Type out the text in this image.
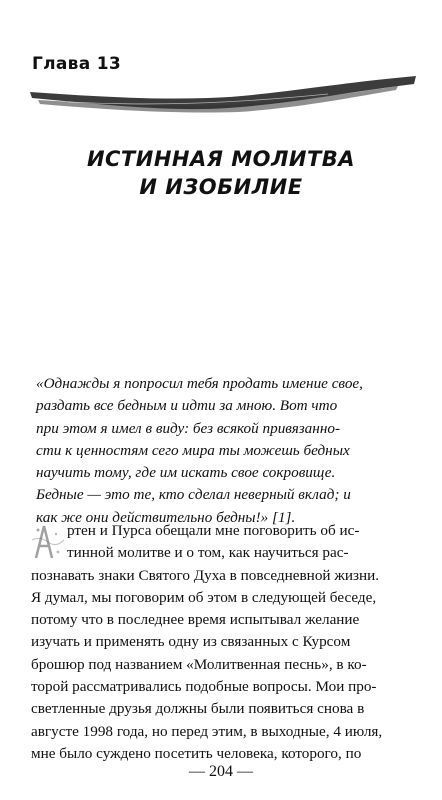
Глава 13
ИСТИННАЯ МОЛИТВА
И ИЗОБИЛИЕ
«Однажды я попросил тебя продать имение свое,
раздать все бедным и идти за мною. Вот что
при этом я имел в виду: без всякой привязанно-
сти к ценностям сего мира ты можешь бедных
научить тому, где им искать свое сокровище.
Бедные — это те, кто сделал неверный вклад; и
как же они действительно бедны!» [1].
ртен и Пурса обещали мне поговорить об ис-
тинной молитве и о том, как научиться рас-
познавать знаки Святого Духа в повседневной жизни.
Я думал, мы поговорим об этом в следующей беседе,
потому что в последнее время испытывал желание
изучать и применять одну из связанных с Курсом
брошюр под названием «Молитвенная песнь», в ко-
торой рассматривались подобные вопросы. Мои про-
светленные друзья должны были появиться снова в
августе 1998 года, но перед этим, в выходные, 4 июля,
мне было суждено посетить человека, которого, по
— 204 —
